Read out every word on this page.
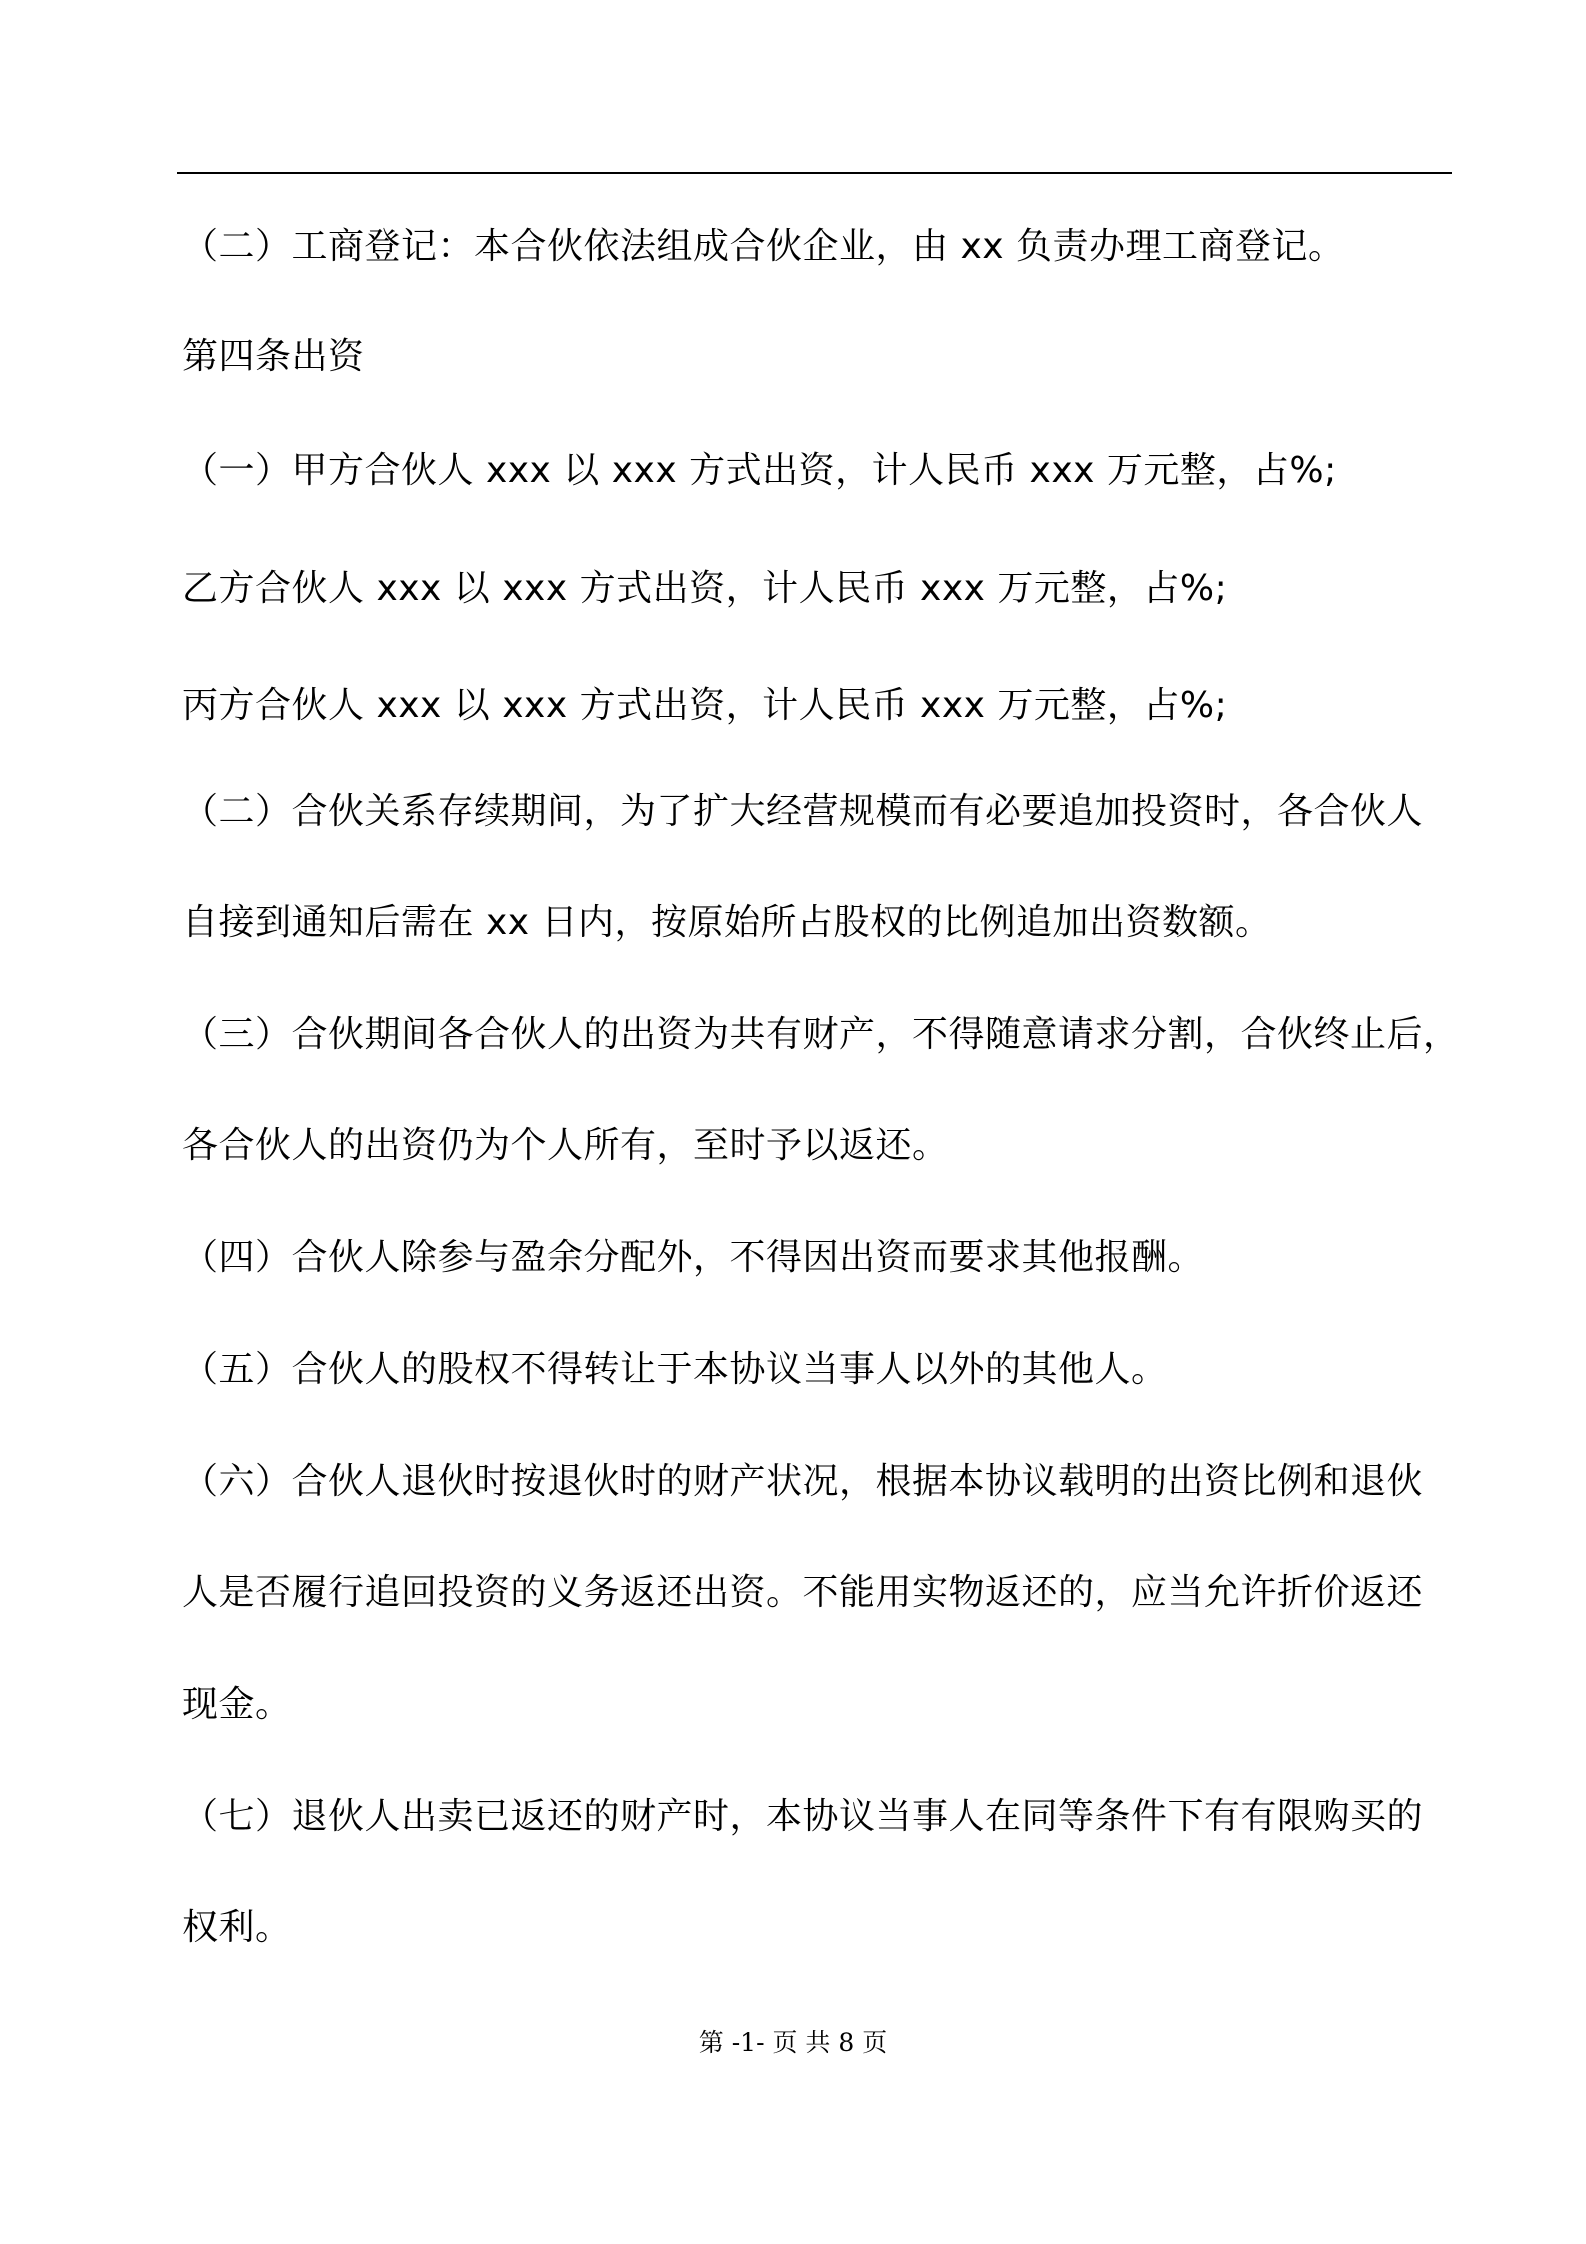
（二）工商登记：本合伙依法组成合伙企业，由 xx 负责办理工商登记。
第四条出资
（一）甲方合伙人 xxx 以 xxx 方式出资，计人民币 xxx 万元整，占%;
乙方合伙人 xxx 以 xxx 方式出资，计人民币 xxx 万元整，占%;
丙方合伙人 xxx 以 xxx 方式出资，计人民币 xxx 万元整，占%;
（二）合伙关系存续期间，为了扩大经营规模而有必要追加投资时，各合伙人
自接到通知后需在 xx 日内，按原始所占股权的比例追加出资数额。
（三）合伙期间各合伙人的出资为共有财产，不得随意请求分割，合伙终止后，
各合伙人的出资仍为个人所有，至时予以返还。
（四）合伙人除参与盈余分配外，不得因出资而要求其他报酬。
（五）合伙人的股权不得转让于本协议当事人以外的其他人。
（六）合伙人退伙时按退伙时的财产状况，根据本协议载明的出资比例和退伙
人是否履行追回投资的义务返还出资。不能用实物返还的，应当允许折价返还
现金。
（七）退伙人出卖已返还的财产时，本协议当事人在同等条件下有有限购买的
权利。
第 -1- 页 共 8 页
